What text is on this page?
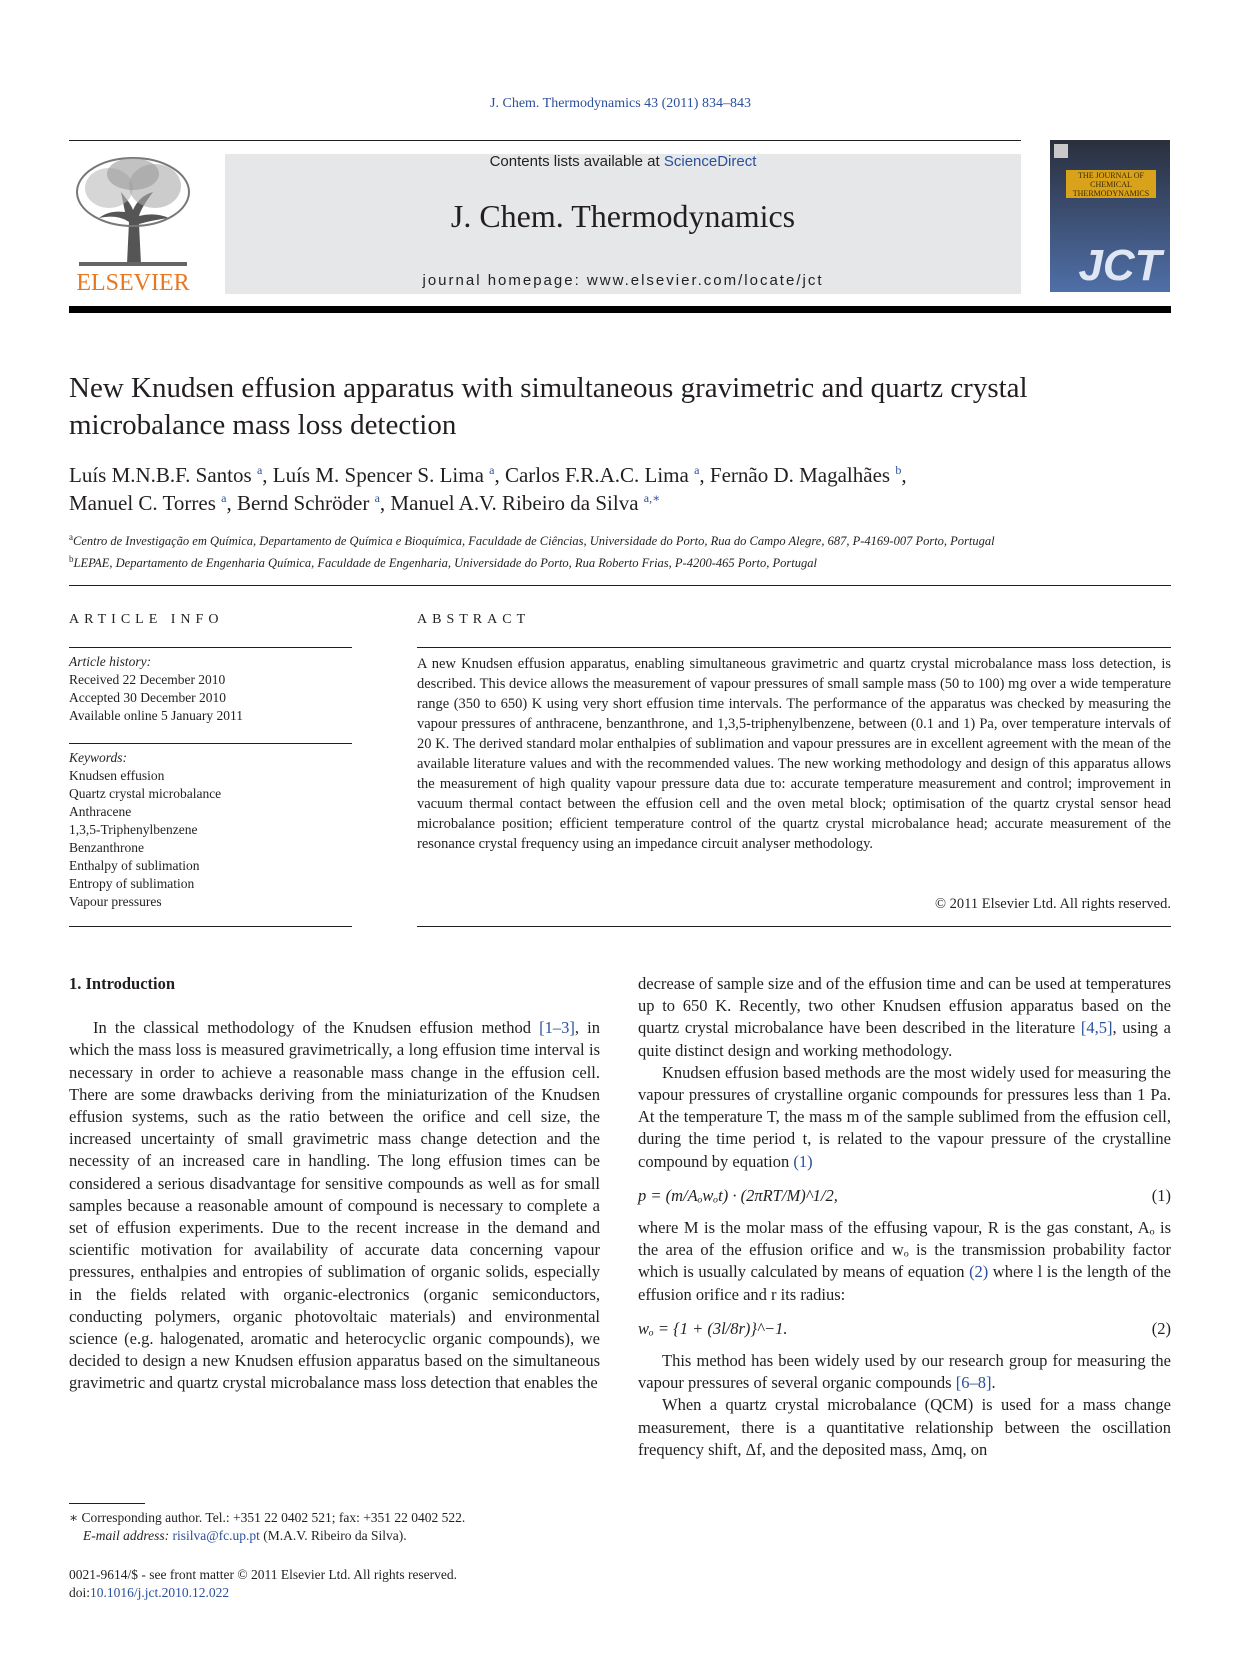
J. Chem. Thermodynamics 43 (2011) 834–843
ELSEVIER
Contents lists available at ScienceDirect
J. Chem. Thermodynamics
journal homepage: www.elsevier.com/locate/jct
THE JOURNAL OF CHEMICAL THERMODYNAMICS
JCT
New Knudsen effusion apparatus with simultaneous gravimetric and quartz crystal microbalance mass loss detection
Luís M.N.B.F. Santos $^a$, Luís M. Spencer S. Lima $^a$, Carlos F.R.A.C. Lima $^a$, Fernão D. Magalhães $^b$,
Manuel C. Torres $^a$, Bernd Schröder $^a$, Manuel A.V. Ribeiro da Silva $^{a,∗}$
$^a$Centro de Investigação em Química, Departamento de Química e Bioquímica, Faculdade de Ciências, Universidade do Porto, Rua do Campo Alegre, 687, P-4169-007 Porto, Portugal
$^b$LEPAE, Departamento de Engenharia Química, Faculdade de Engenharia, Universidade do Porto, Rua Roberto Frias, P-4200-465 Porto, Portugal
ARTICLE INFO
Article history:
Received 22 December 2010
Accepted 30 December 2010
Available online 5 January 2011
Keywords:
Knudsen effusion
Quartz crystal microbalance
Anthracene
1,3,5-Triphenylbenzene
Benzanthrone
Enthalpy of sublimation
Entropy of sublimation
Vapour pressures
ABSTRACT
A new Knudsen effusion apparatus, enabling simultaneous gravimetric and quartz crystal microbalance mass loss detection, is described. This device allows the measurement of vapour pressures of small sample mass (50 to 100) mg over a wide temperature range (350 to 650) K using very short effusion time intervals. The performance of the apparatus was checked by measuring the vapour pressures of anthracene, benzanthrone, and 1,3,5-triphenylbenzene, between (0.1 and 1) Pa, over temperature intervals of 20 K. The derived standard molar enthalpies of sublimation and vapour pressures are in excellent agreement with the mean of the available literature values and with the recommended values. The new working methodology and design of this apparatus allows the measurement of high quality vapour pressure data due to: accurate temperature measurement and control; improvement in vacuum thermal contact between the effusion cell and the oven metal block; optimisation of the quartz crystal sensor head microbalance position; efficient temperature control of the quartz crystal microbalance head; accurate measurement of the resonance crystal frequency using an impedance circuit analyser methodology.
© 2011 Elsevier Ltd. All rights reserved.

1. Introduction

In the classical methodology of the Knudsen effusion method [1–3], in which the mass loss is measured gravimetrically, a long effusion time interval is necessary in order to achieve a reasonable mass change in the effusion cell. There are some drawbacks deriving from the miniaturization of the Knudsen effusion systems, such as the ratio between the orifice and cell size, the increased uncertainty of small gravimetric mass change detection and the necessity of an increased care in handling. The long effusion times can be considered a serious disadvantage for sensitive compounds as well as for small samples because a reasonable amount of compound is necessary to complete a set of effusion experiments. Due to the recent increase in the demand and scientific motivation for availability of accurate data concerning vapour pressures, enthalpies and entropies of sublimation of organic solids, especially in the fields related with organic-electronics (organic semiconductors, conducting polymers, organic photovoltaic materials) and environmental science (e.g. halogenated, aromatic and heterocyclic organic compounds), we decided to design a new Knudsen effusion apparatus based on the simultaneous gravimetric and quartz crystal microbalance mass loss detection that enables the

decrease of sample size and of the effusion time and can be used at temperatures up to 650 K. Recently, two other Knudsen effusion apparatus based on the quartz crystal microbalance have been described in the literature [4,5], using a quite distinct design and working methodology.

Knudsen effusion based methods are the most widely used for measuring the vapour pressures of crystalline organic compounds for pressures less than 1 Pa. At the temperature T, the mass m of the sample sublimed from the effusion cell, during the time period t, is related to the vapour pressure of the crystalline compound by equation (1)

p = (m/Aₒwₒt) · (2πRT/M)^1/2,	(1)

where M is the molar mass of the effusing vapour, R is the gas constant, Aₒ is the area of the effusion orifice and wₒ is the transmission probability factor which is usually calculated by means of equation (2) where l is the length of the effusion orifice and r its radius:

wₒ = {1 + (3l/8r)}^−1.	(2)

This method has been widely used by our research group for measuring the vapour pressures of several organic compounds [6–8].

When a quartz crystal microbalance (QCM) is used for a mass change measurement, there is a quantitative relationship between the oscillation frequency shift, Δf, and the deposited mass, Δmq, on

∗ Corresponding author. Tel.: +351 22 0402 521; fax: +351 22 0402 522.
E-mail address: risilva@fc.up.pt (M.A.V. Ribeiro da Silva).
0021-9614/$ - see front matter © 2011 Elsevier Ltd. All rights reserved.
doi:10.1016/j.jct.2010.12.022
